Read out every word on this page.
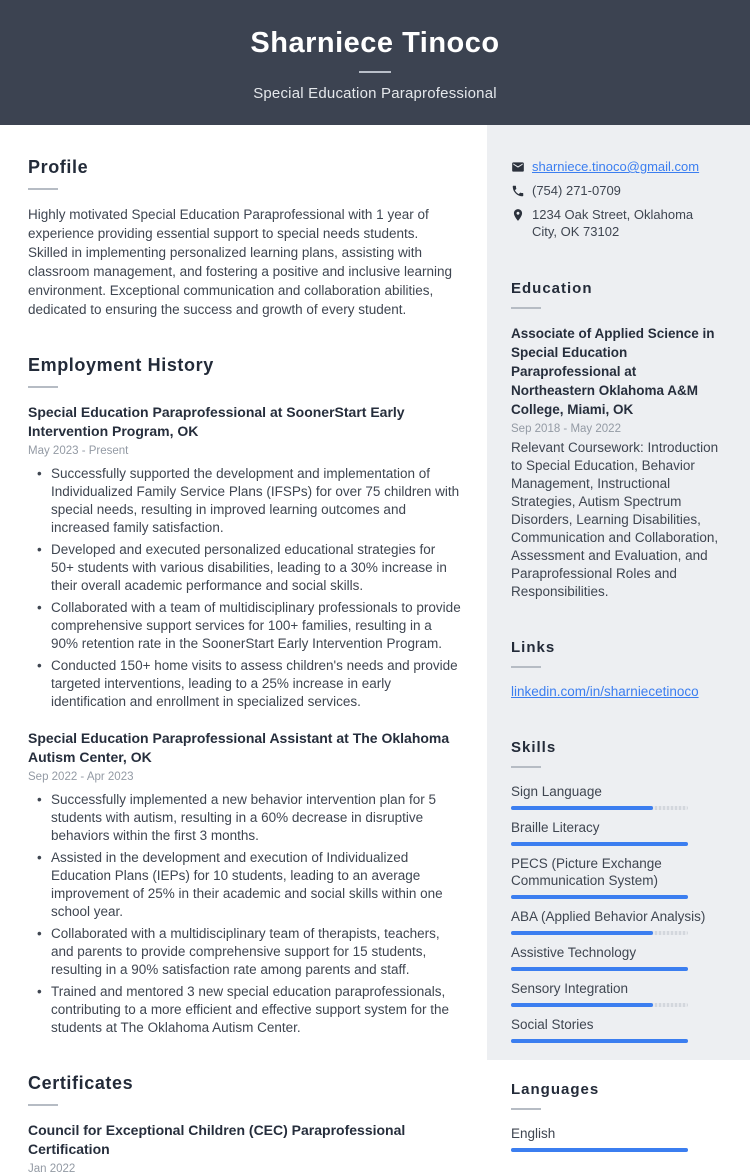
Sharniece Tinoco
Special Education Paraprofessional
Profile

Highly motivated Special Education Paraprofessional with 1 year of experience providing essential support to special needs students. Skilled in implementing personalized learning plans, assisting with classroom management, and fostering a positive and inclusive learning environment. Exceptional communication and collaboration abilities, dedicated to ensuring the success and growth of every student.

Employment History
Special Education Paraprofessional at SoonerStart Early Intervention Program, OK
May 2023 - Present
• Successfully supported the development and implementation of Individualized Family Service Plans (IFSPs) for over 75 children with special needs, resulting in improved learning outcomes and increased family satisfaction.
• Developed and executed personalized educational strategies for 50+ students with various disabilities, leading to a 30% increase in their overall academic performance and social skills.
• Collaborated with a team of multidisciplinary professionals to provide comprehensive support services for 100+ families, resulting in a 90% retention rate in the SoonerStart Early Intervention Program.
• Conducted 150+ home visits to assess children's needs and provide targeted interventions, leading to a 25% increase in early identification and enrollment in specialized services.
Special Education Paraprofessional Assistant at The Oklahoma Autism Center, OK
Sep 2022 - Apr 2023
• Successfully implemented a new behavior intervention plan for 5 students with autism, resulting in a 60% decrease in disruptive behaviors within the first 3 months.
• Assisted in the development and execution of Individualized Education Plans (IEPs) for 10 students, leading to an average improvement of 25% in their academic and social skills within one school year.
• Collaborated with a multidisciplinary team of therapists, teachers, and parents to provide comprehensive support for 15 students, resulting in a 90% satisfaction rate among parents and staff.
• Trained and mentored 3 new special education paraprofessionals, contributing to a more efficient and effective support system for the students at The Oklahoma Autism Center.
Certificates
Council for Exceptional Children (CEC) Paraprofessional Certification
Jan 2022
sharniece.tinoco@gmail.com
(754) 271-0709
1234 Oak Street, Oklahoma City, OK 73102
Education
Associate of Applied Science in Special Education Paraprofessional at Northeastern Oklahoma A&M College, Miami, OK
Sep 2018 - May 2022
Relevant Coursework: Introduction to Special Education, Behavior Management, Instructional Strategies, Autism Spectrum Disorders, Learning Disabilities, Communication and Collaboration, Assessment and Evaluation, and Paraprofessional Roles and Responsibilities.
Links
linkedin.com/in/sharniecetinoco
Skills
Sign Language
Braille Literacy
PECS (Picture Exchange Communication System)
ABA (Applied Behavior Analysis)
Assistive Technology
Sensory Integration
Social Stories
Languages
English
